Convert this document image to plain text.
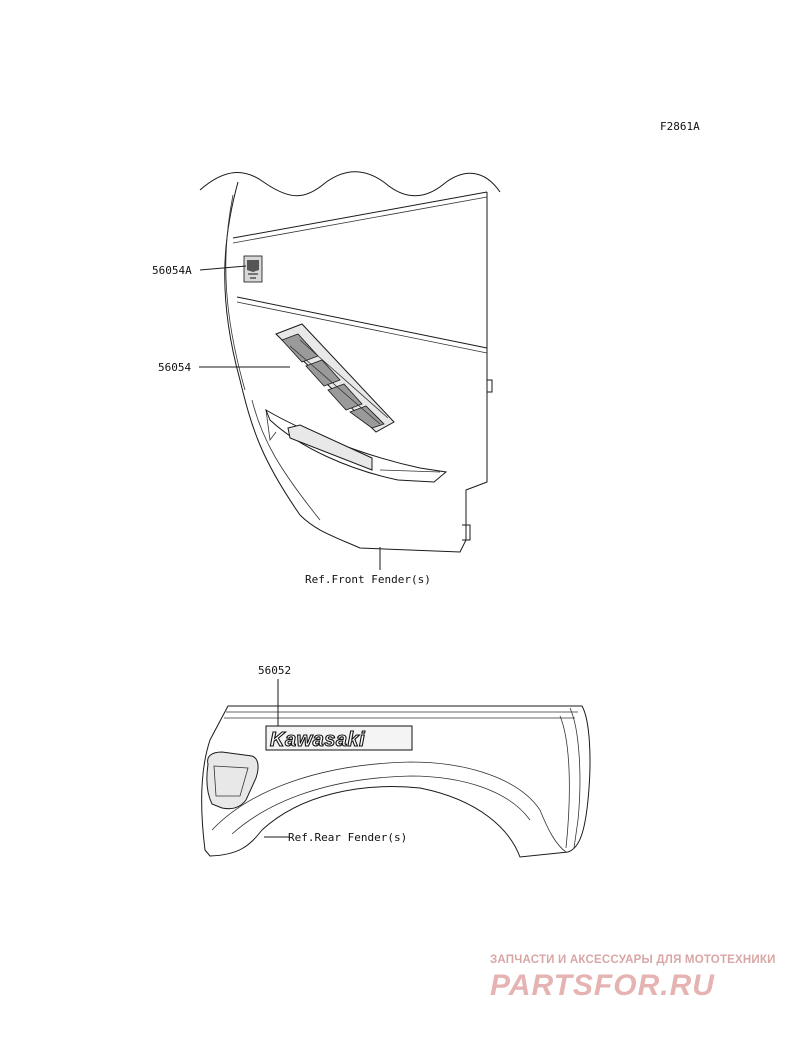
F2861A
56054A
56054
Ref.Front Fender(s)
Kawasaki
56052
Ref.Rear Fender(s)
ЗАПЧАСТИ И АКСЕССУАРЫ ДЛЯ МОТОТЕХНИКИ
PARTSFOR.RU
